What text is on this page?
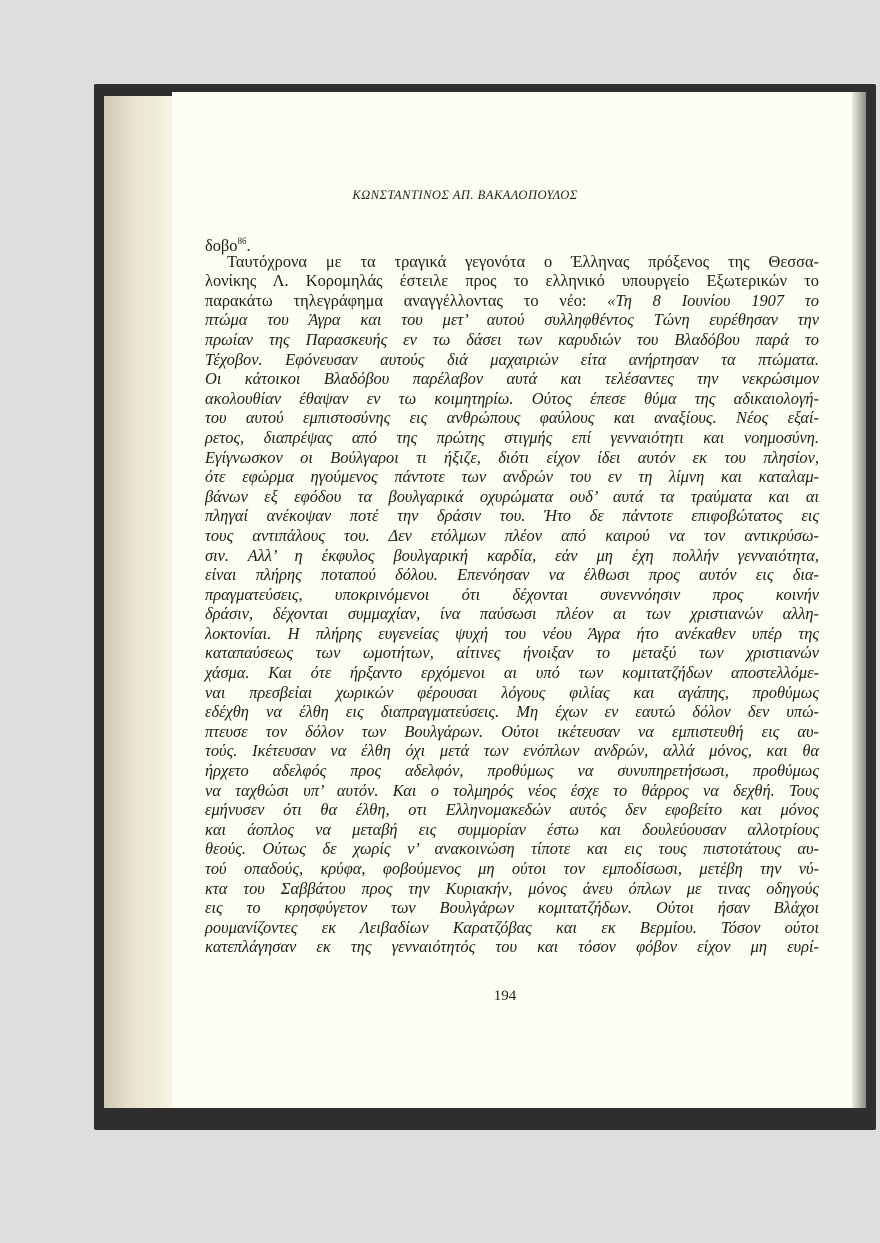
ΚΩΝΣΤΑΝΤΙΝΟΣ ΑΠ. ΒΑΚΑΛΟΠΟΥΛΟΣ
δοβο$^{86}$.
Ταυτόχρονα με τα τραγικά γεγονότα ο Έλληνας πρόξενος της Θεσσα-
λονίκης Λ. Κορομηλάς έστειλε προς το ελληνικό υπουργείο Εξωτερικών το
παρακάτω τηλεγράφημα αναγγέλλοντας το νέο: «Τη 8 Ιουνίου 1907 το
πτώμα του Άγρα και του μετ’ αυτού συλληφθέντος Τώνη ευρέθησαν την
πρωίαν της Παρασκευής εν τω δάσει των καρυδιών του Βλαδόβου παρά το
Τέχοβον. Εφόνευσαν αυτούς διά μαχαιριών είτα ανήρτησαν τα πτώματα.
Οι κάτοικοι Βλαδόβου παρέλαβον αυτά και τελέσαντες την νεκρώσιμον
ακολουθίαν έθαψαν εν τω κοιμητηρίω. Ούτος έπεσε θύμα της αδικαιολογή-
του αυτού εμπιστοσύνης εις ανθρώπους φαύλους και αναξίους. Νέος εξαί-
ρετος, διαπρέψας από της πρώτης στιγμής επί γενναιότητι και νοημοσύνη.
Εγίγνωσκον οι Βούλγαροι τι ήξιζε, διότι είχον ίδει αυτόν εκ του πλησίον,
ότε εφώρμα ηγούμενος πάντοτε των ανδρών του εν τη λίμνη και καταλαμ-
βάνων εξ εφόδου τα βουλγαρικά οχυρώματα ουδ’ αυτά τα τραύματα και αι
πληγαί ανέκοψαν ποτέ την δράσιν του. Ήτο δε πάντοτε επιφοβώτατος εις
τους αντιπάλους του. Δεν ετόλμων πλέον από καιρού να τον αντικρύσω-
σιν. Αλλ’ η έκφυλος βουλγαρική καρδία, εάν μη έχη πολλήν γενναιότητα,
είναι πλήρης ποταπού δόλου. Επενόησαν να έλθωσι προς αυτόν εις δια-
πραγματεύσεις, υποκρινόμενοι ότι δέχονται συνεννόησιν προς κοινήν
δράσιν, δέχονται συμμαχίαν, ίνα παύσωσι πλέον αι των χριστιανών αλλη-
λοκτονίαι. Η πλήρης ευγενείας ψυχή του νέου Άγρα ήτο ανέκαθεν υπέρ της
καταπαύσεως των ωμοτήτων, αίτινες ήνοιξαν το μεταξύ των χριστιανών
χάσμα. Και ότε ήρξαντο ερχόμενοι αι υπό των κομιτατζήδων αποστελλόμε-
ναι πρεσβείαι χωρικών φέρουσαι λόγους φιλίας και αγάπης, προθύμως
εδέχθη να έλθη εις διαπραγματεύσεις. Μη έχων εν εαυτώ δόλον δεν υπώ-
πτευσε τον δόλον των Βουλγάρων. Ούτοι ικέτευσαν να εμπιστευθή εις αυ-
τούς. Ικέτευσαν να έλθη όχι μετά των ενόπλων ανδρών, αλλά μόνος, και θα
ήρχετο αδελφός προς αδελφόν, προθύμως να συνυπηρετήσωσι, προθύμως
να ταχθώσι υπ’ αυτόν. Και ο τολμηρός νέος έσχε το θάρρος να δεχθή. Τους
εμήνυσεν ότι θα έλθη, οτι Ελληνομακεδών αυτός δεν εφοβείτο και μόνος
και άοπλος να μεταβή εις συμμορίαν έστω και δουλεύουσαν αλλοτρίους
θεούς. Ούτως δε χωρίς ν’ ανακοινώση τίποτε και εις τους πιστοτάτους αυ-
τού οπαδούς, κρύφα, φοβούμενος μη ούτοι τον εμποδίσωσι, μετέβη την νύ-
κτα του Σαββάτου προς την Κυριακήν, μόνος άνευ όπλων με τινας οδηγούς
εις το κρησφύγετον των Βουλγάρων κομιτατζήδων. Ούτοι ήσαν Βλάχοι
ρουμανίζοντες εκ Λειβαδίων Καρατζόβας και εκ Βερμίου. Τόσον ούτοι
κατεπλάγησαν εκ της γενναιότητός του και τόσον φόβον είχον μη ευρί-
194
